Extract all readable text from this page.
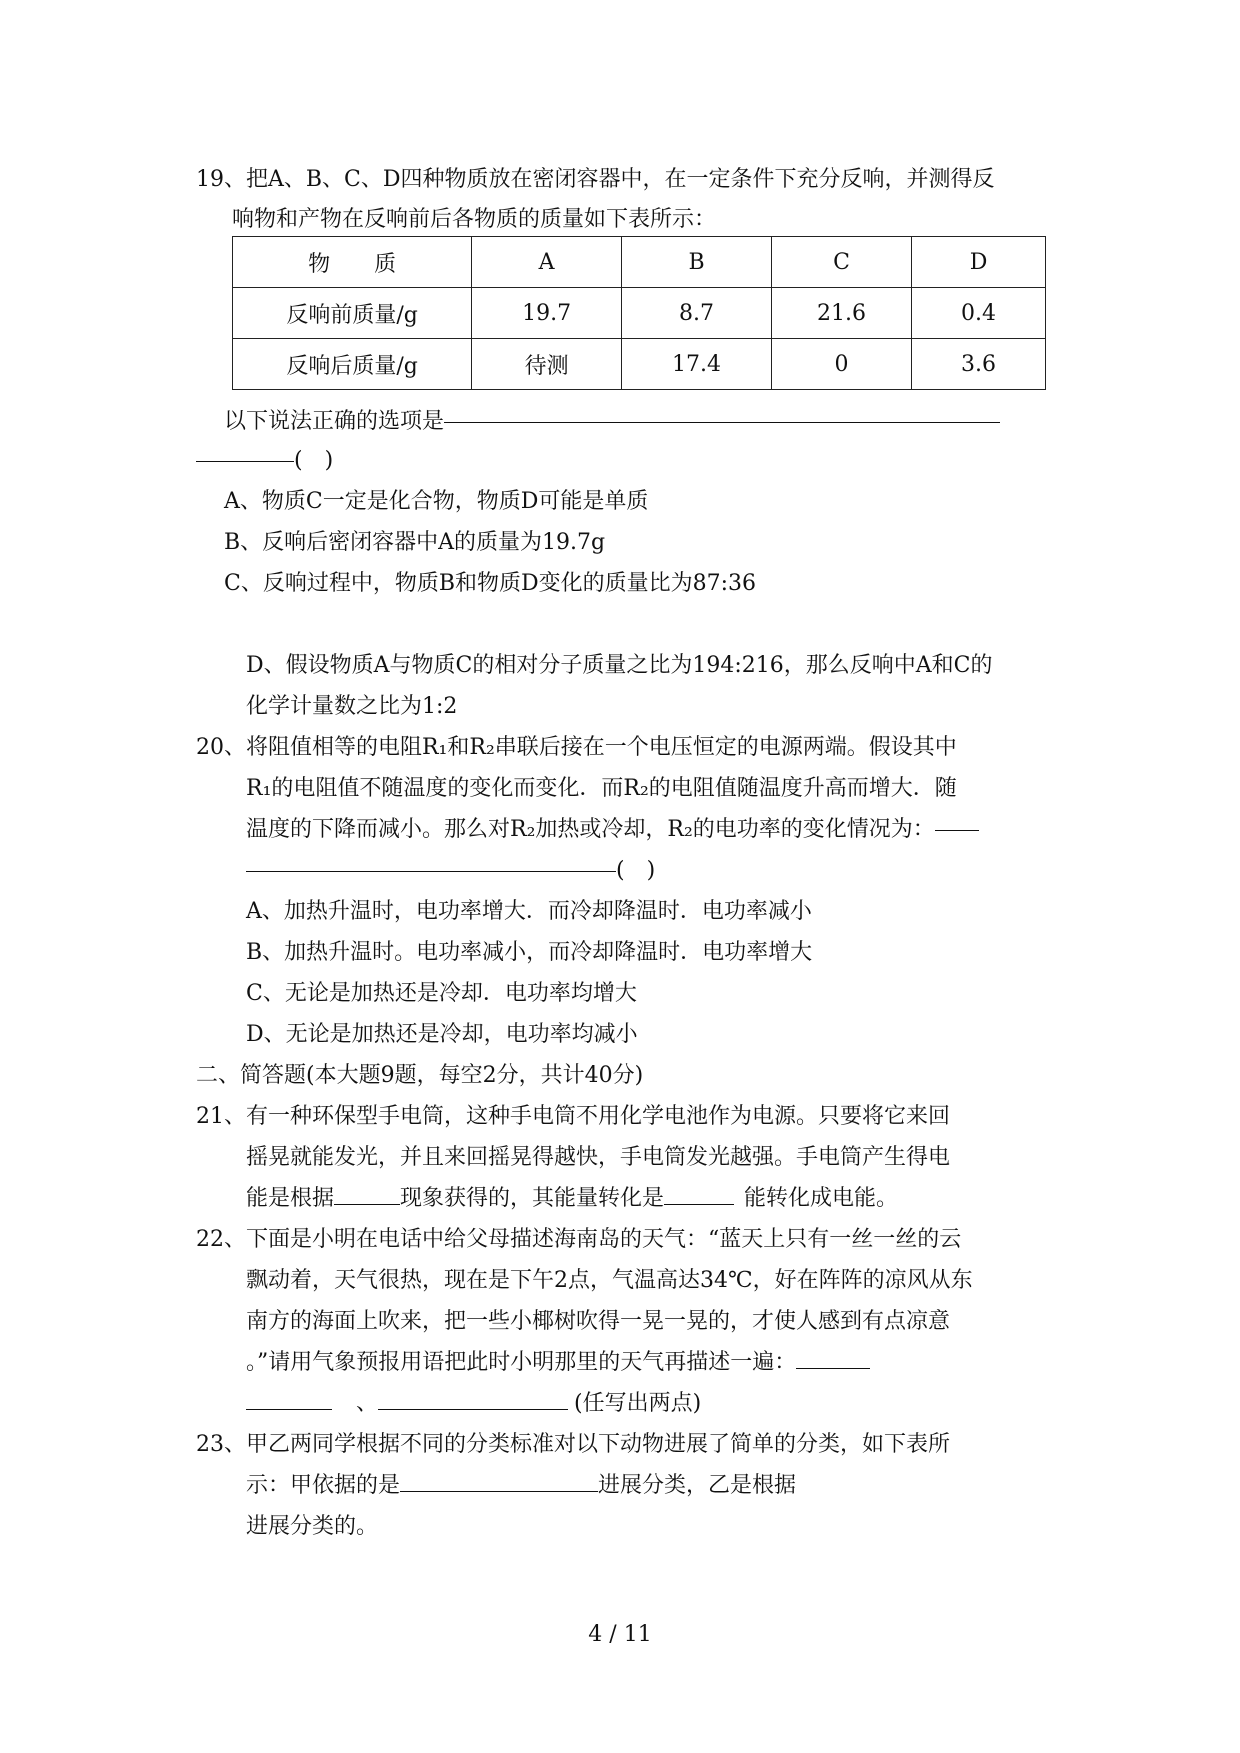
19、把A、B、C、D四种物质放在密闭容器中，在一定条件下充分反响，并测得反
响物和产物在反响前后各物质的质量如下表所示：
物　　质	A	B	C	D
反响前质量/g	19.7	8.7	21.6	0.4
反响后质量/g	待测	17.4	0	3.6
以下说法正确的选项是
(　)
A、物质C一定是化合物，物质D可能是单质
B、反响后密闭容器中A的质量为19.7g
C、反响过程中，物质B和物质D变化的质量比为87:36
D、假设物质A与物质C的相对分子质量之比为194:216，那么反响中A和C的
化学计量数之比为1:2
20、将阻值相等的电阻R₁和R₂串联后接在一个电压恒定的电源两端。假设其中
R₁的电阻值不随温度的变化而变化．而R₂的电阻值随温度升高而增大．随
温度的下降而减小。那么对R₂加热或冷却，R₂的电功率的变化情况为：
(　)
A、加热升温时，电功率增大．而冷却降温时．电功率减小
B、加热升温时。电功率减小，而冷却降温时．电功率增大
C、无论是加热还是冷却．电功率均增大
D、无论是加热还是冷却，电功率均减小
二、简答题(本大题9题，每空2分，共计40分)
21、有一种环保型手电筒，这种手电筒不用化学电池作为电源。只要将它来回
摇晃就能发光，并且来回摇晃得越快，手电筒发光越强。手电筒产生得电
能是根据	现象获得的，其能量转化是	能转化成电能。
22、下面是小明在电话中给父母描述海南岛的天气：“蓝天上只有一丝一丝的云
飘动着，天气很热，现在是下午2点，气温高达34℃，好在阵阵的凉风从东
南方的海面上吹来，把一些小椰树吹得一晃一晃的，才使人感到有点凉意
。”请用气象预报用语把此时小明那里的天气再描述一遍：
、	(任写出两点)
23、甲乙两同学根据不同的分类标准对以下动物进展了简单的分类，如下表所
示：甲依据的是	进展分类，乙是根据
进展分类的。
4 / 11
